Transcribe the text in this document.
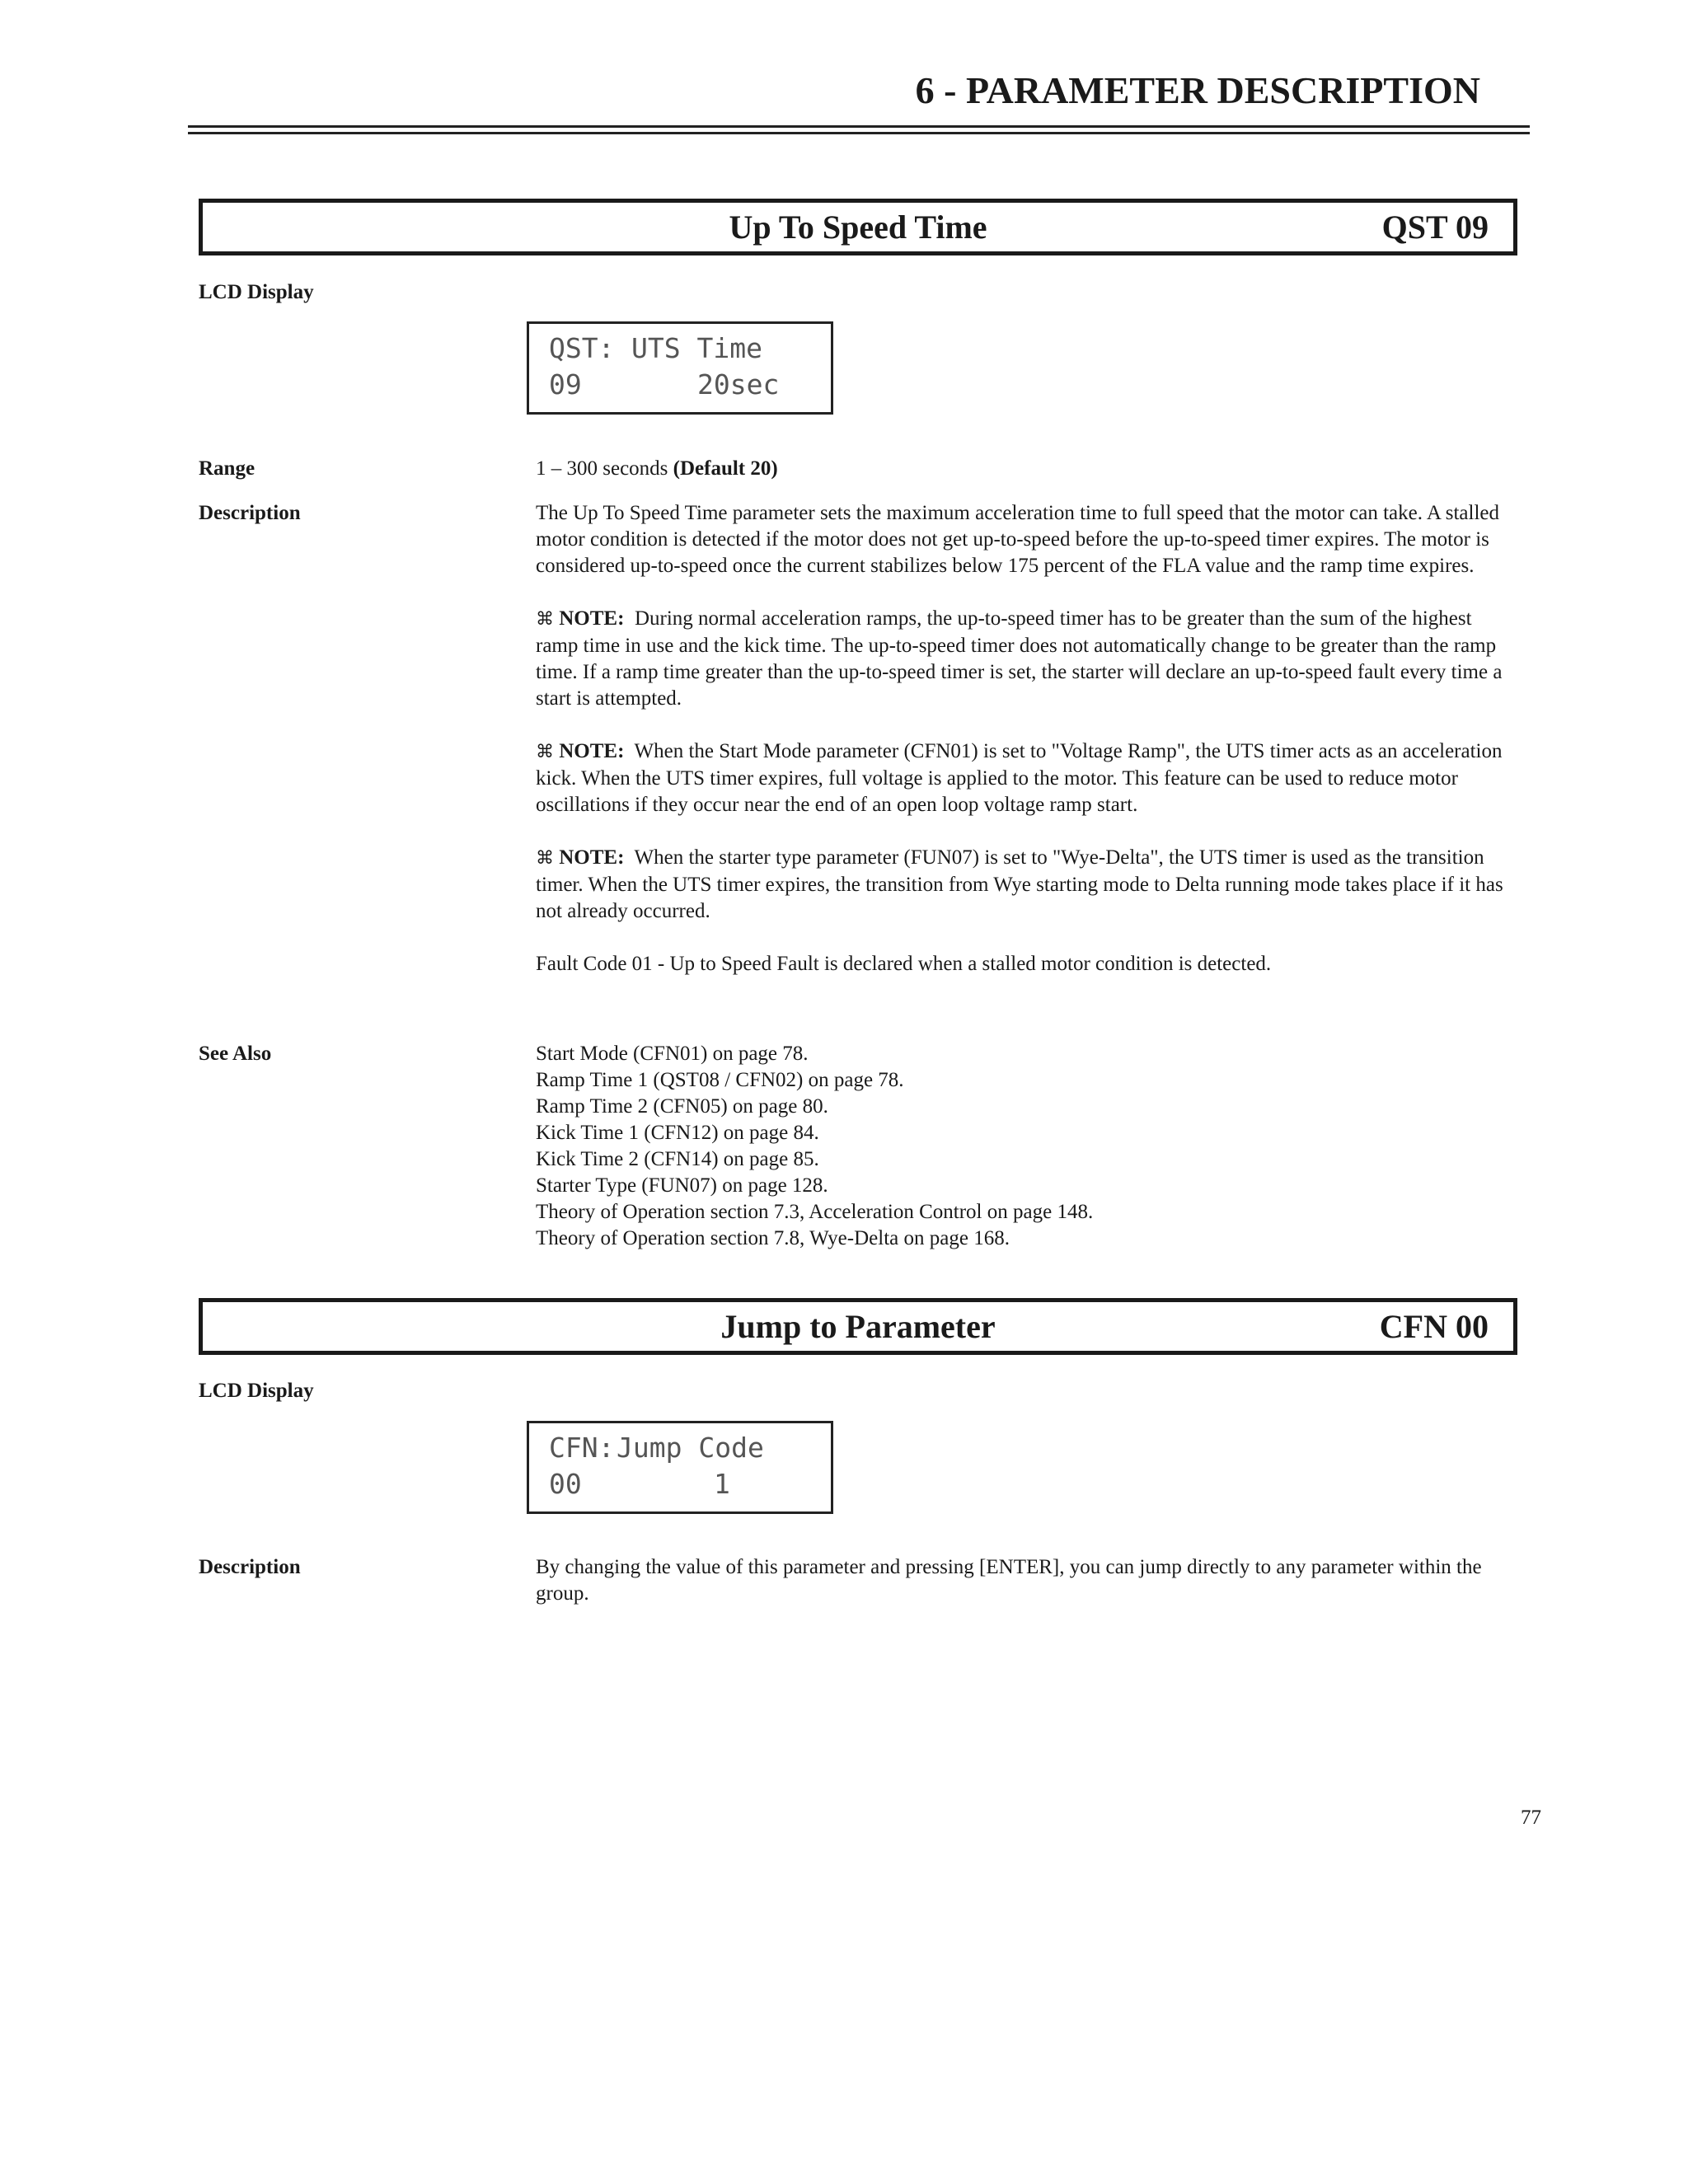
6 - PARAMETER DESCRIPTION
Up To Speed Time	QST 09
LCD Display

QST:

UTS Time

09

	20sec

Range	1 – 300 seconds (Default 20)
Description	The Up To Speed Time parameter sets the maximum acceleration time to full speed that the motor can take. A stalled motor condition is detected if the motor does not get up-to-speed before the up-to-speed timer expires. The motor is considered up-to-speed once the current stabilizes below 175 percent of the FLA value and the ramp time expires.

⌘ NOTE: During normal acceleration ramps, the up-to-speed timer has to be greater than the sum of the highest ramp time in use and the kick time. The up-to-speed timer does not automatically change to be greater than the ramp time. If a ramp time greater than the up-to-speed timer is set, the starter will declare an up-to-speed fault every time a start is attempted.

⌘ NOTE: When the Start Mode parameter (CFN01) is set to "Voltage Ramp", the UTS timer acts as an acceleration kick. When the UTS timer expires, full voltage is applied to the motor. This feature can be used to reduce motor oscillations if they occur near the end of an open loop voltage ramp start.

⌘ NOTE: When the starter type parameter (FUN07) is set to "Wye-Delta", the UTS timer is used as the transition timer. When the UTS timer expires, the transition from Wye starting mode to Delta running mode takes place if it has not already occurred.

Fault Code 01 - Up to Speed Fault is declared when a stalled motor condition is detected.

See Also	Start Mode (CFN01) on page 78.
Ramp Time 1 (QST08 / CFN02) on page 78.
Ramp Time 2 (CFN05) on page 80.
Kick Time 1 (CFN12) on page 84.
Kick Time 2 (CFN14) on page 85.
Starter Type (FUN07) on page 128.
Theory of Operation section 7.3, Acceleration Control on page 148.
Theory of Operation section 7.8, Wye-Delta on page 168.
Jump to Parameter	CFN 00
LCD Display

CFN:

Jump Code

00

	1

Description	By changing the value of this parameter and pressing [ENTER], you can jump directly to any parameter within the group.

77
